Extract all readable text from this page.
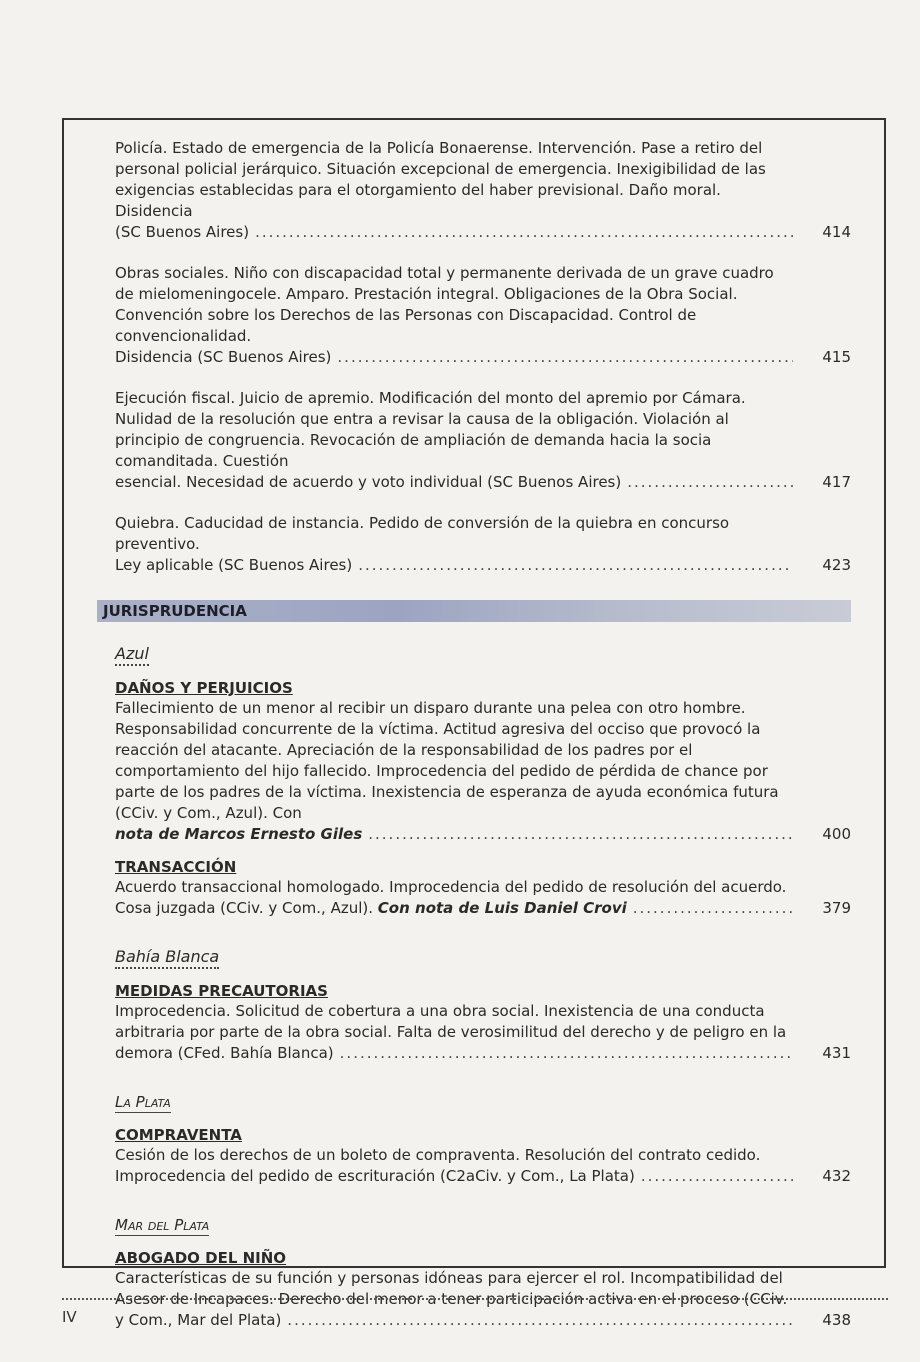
Policía. Estado de emergencia de la Policía Bonaerense. Intervención. Pase a retiro del personal policial jerárquico. Situación excepcional de emergencia. Inexigibilidad de las exigencias establecidas para el otorgamiento del haber previsional. Daño moral. Disidencia
(SC Buenos Aires) .....	414
Obras sociales. Niño con discapacidad total y permanente derivada de un grave cuadro de mielomeningocele. Amparo. Prestación integral. Obligaciones de la Obra Social. Convención sobre los Derechos de las Personas con Discapacidad. Control de convencionalidad.
Disidencia (SC Buenos Aires) .....	415
Ejecución fiscal. Juicio de apremio. Modificación del monto del apremio por Cámara. Nulidad de la resolución que entra a revisar la causa de la obligación. Violación al principio de congruencia. Revocación de ampliación de demanda hacia la socia comanditada. Cuestión
esencial. Necesidad de acuerdo y voto individual (SC Buenos Aires) .....	417
Quiebra. Caducidad de instancia. Pedido de conversión de la quiebra en concurso preventivo.
Ley aplicable (SC Buenos Aires) .....	423
JURISPRUDENCIA
Azul
DAÑOS Y PERJUICIOS
Fallecimiento de un menor al recibir un disparo durante una pelea con otro hombre. Responsabilidad concurrente de la víctima. Actitud agresiva del occiso que provocó la reacción del atacante. Apreciación de la responsabilidad de los padres por el comportamiento del hijo fallecido. Improcedencia del pedido de pérdida de chance por parte de los padres de la víctima. Inexistencia de esperanza de ayuda económica futura (CCiv. y Com., Azul). Con
nota de Marcos Ernesto Giles .....	400
TRANSACCIÓN
Acuerdo transaccional homologado. Improcedencia del pedido de resolución del acuerdo.
Cosa juzgada (CCiv. y Com., Azul). Con nota de Luis Daniel Crovi .....	379
Bahía Blanca
MEDIDAS PRECAUTORIAS
Improcedencia. Solicitud de cobertura a una obra social. Inexistencia de una conducta arbitraria por parte de la obra social. Falta de verosimilitud del derecho y de peligro en la
demora (CFed. Bahía Blanca) .....	431
La Plata
COMPRAVENTA
Cesión de los derechos de un boleto de compraventa. Resolución del contrato cedido.
Improcedencia del pedido de escrituración (C2aCiv. y Com., La Plata) .....	432
Mar del Plata
ABOGADO DEL NIÑO
Características de su función y personas idóneas para ejercer el rol. Incompatibilidad del Asesor de Incapaces. Derecho del menor a tener participación activa en el proceso (CCiv.
y Com., Mar del Plata) .....	438
IV
